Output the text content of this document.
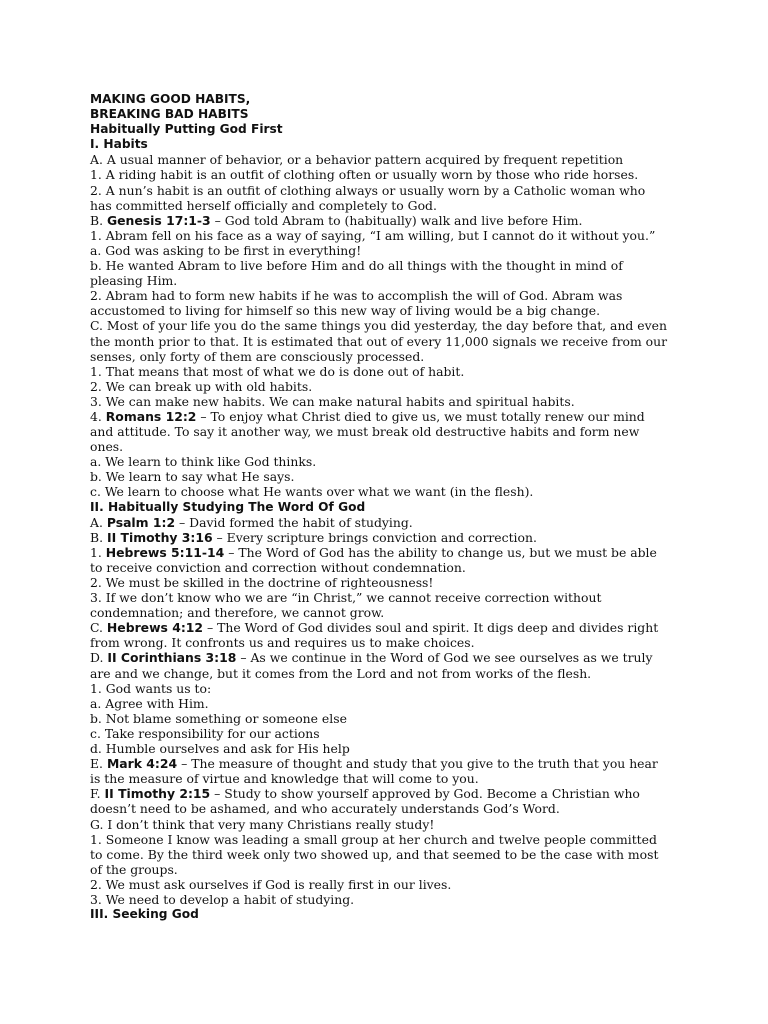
MAKING GOOD HABITS,
BREAKING BAD HABITS
Habitually Putting God First
I. Habits
A. A usual manner of behavior, or a behavior pattern acquired by frequent repetition
1. A riding habit is an outfit of clothing often or usually worn by those who ride horses.
2. A nun’s habit is an outfit of clothing always or usually worn by a Catholic woman who
has committed herself officially and completely to God.
B. Genesis 17:1-3 – God told Abram to (habitually) walk and live before Him.
1. Abram fell on his face as a way of saying, “I am willing, but I cannot do it without you.”
a. God was asking to be first in everything!
b. He wanted Abram to live before Him and do all things with the thought in mind of
pleasing Him.
2. Abram had to form new habits if he was to accomplish the will of God. Abram was
accustomed to living for himself so this new way of living would be a big change.
C. Most of your life you do the same things you did yesterday, the day before that, and even
the month prior to that. It is estimated that out of every 11,000 signals we receive from our
senses, only forty of them are consciously processed.
1. That means that most of what we do is done out of habit.
2. We can break up with old habits.
3. We can make new habits. We can make natural habits and spiritual habits.
4. Romans 12:2 – To enjoy what Christ died to give us, we must totally renew our mind
and attitude. To say it another way, we must break old destructive habits and form new
ones.
a. We learn to think like God thinks.
b. We learn to say what He says.
c. We learn to choose what He wants over what we want (in the flesh).
II. Habitually Studying The Word Of God
A. Psalm 1:2 – David formed the habit of studying.
B. II Timothy 3:16 – Every scripture brings conviction and correction.
1. Hebrews 5:11-14 – The Word of God has the ability to change us, but we must be able
to receive conviction and correction without condemnation.
2. We must be skilled in the doctrine of righteousness!
3. If we don’t know who we are “in Christ,” we cannot receive correction without
condemnation; and therefore, we cannot grow.
C. Hebrews 4:12 – The Word of God divides soul and spirit. It digs deep and divides right
from wrong. It confronts us and requires us to make choices.
D. II Corinthians 3:18 – As we continue in the Word of God we see ourselves as we truly
are and we change, but it comes from the Lord and not from works of the flesh.
1. God wants us to:
a. Agree with Him.
b. Not blame something or someone else
c. Take responsibility for our actions
d. Humble ourselves and ask for His help
E. Mark 4:24 – The measure of thought and study that you give to the truth that you hear
is the measure of virtue and knowledge that will come to you.
F. II Timothy 2:15 – Study to show yourself approved by God. Become a Christian who
doesn’t need to be ashamed, and who accurately understands God’s Word.
G. I don’t think that very many Christians really study!
1. Someone I know was leading a small group at her church and twelve people committed
to come. By the third week only two showed up, and that seemed to be the case with most
of the groups.
2. We must ask ourselves if God is really first in our lives.
3. We need to develop a habit of studying.
III. Seeking God
